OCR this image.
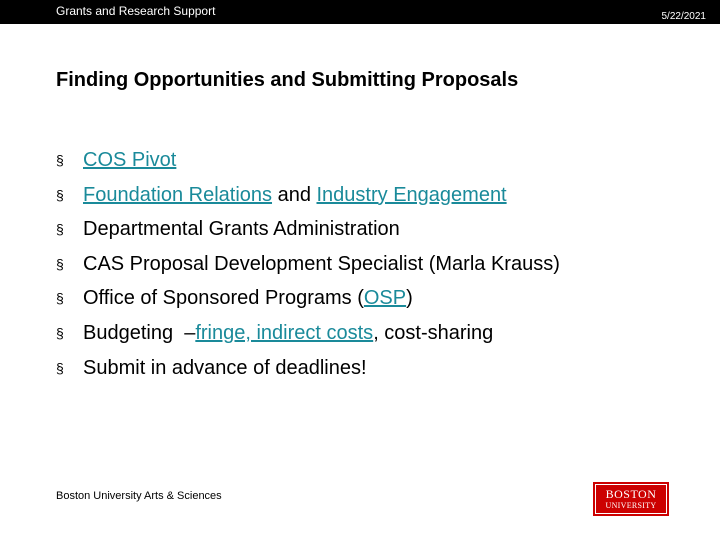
Grants and Research Support	5/22/2021
Finding Opportunities and Submitting Proposals
§ COS Pivot
§ Foundation Relations and Industry Engagement
§ Departmental Grants Administration
§ CAS Proposal Development Specialist (Marla Krauss)
§ Office of Sponsored Programs (OSP)
§ Budgeting  –fringe, indirect costs, cost-sharing
§ Submit in advance of deadlines!
Boston University Arts & Sciences	BOSTON
UNIVERSITY
